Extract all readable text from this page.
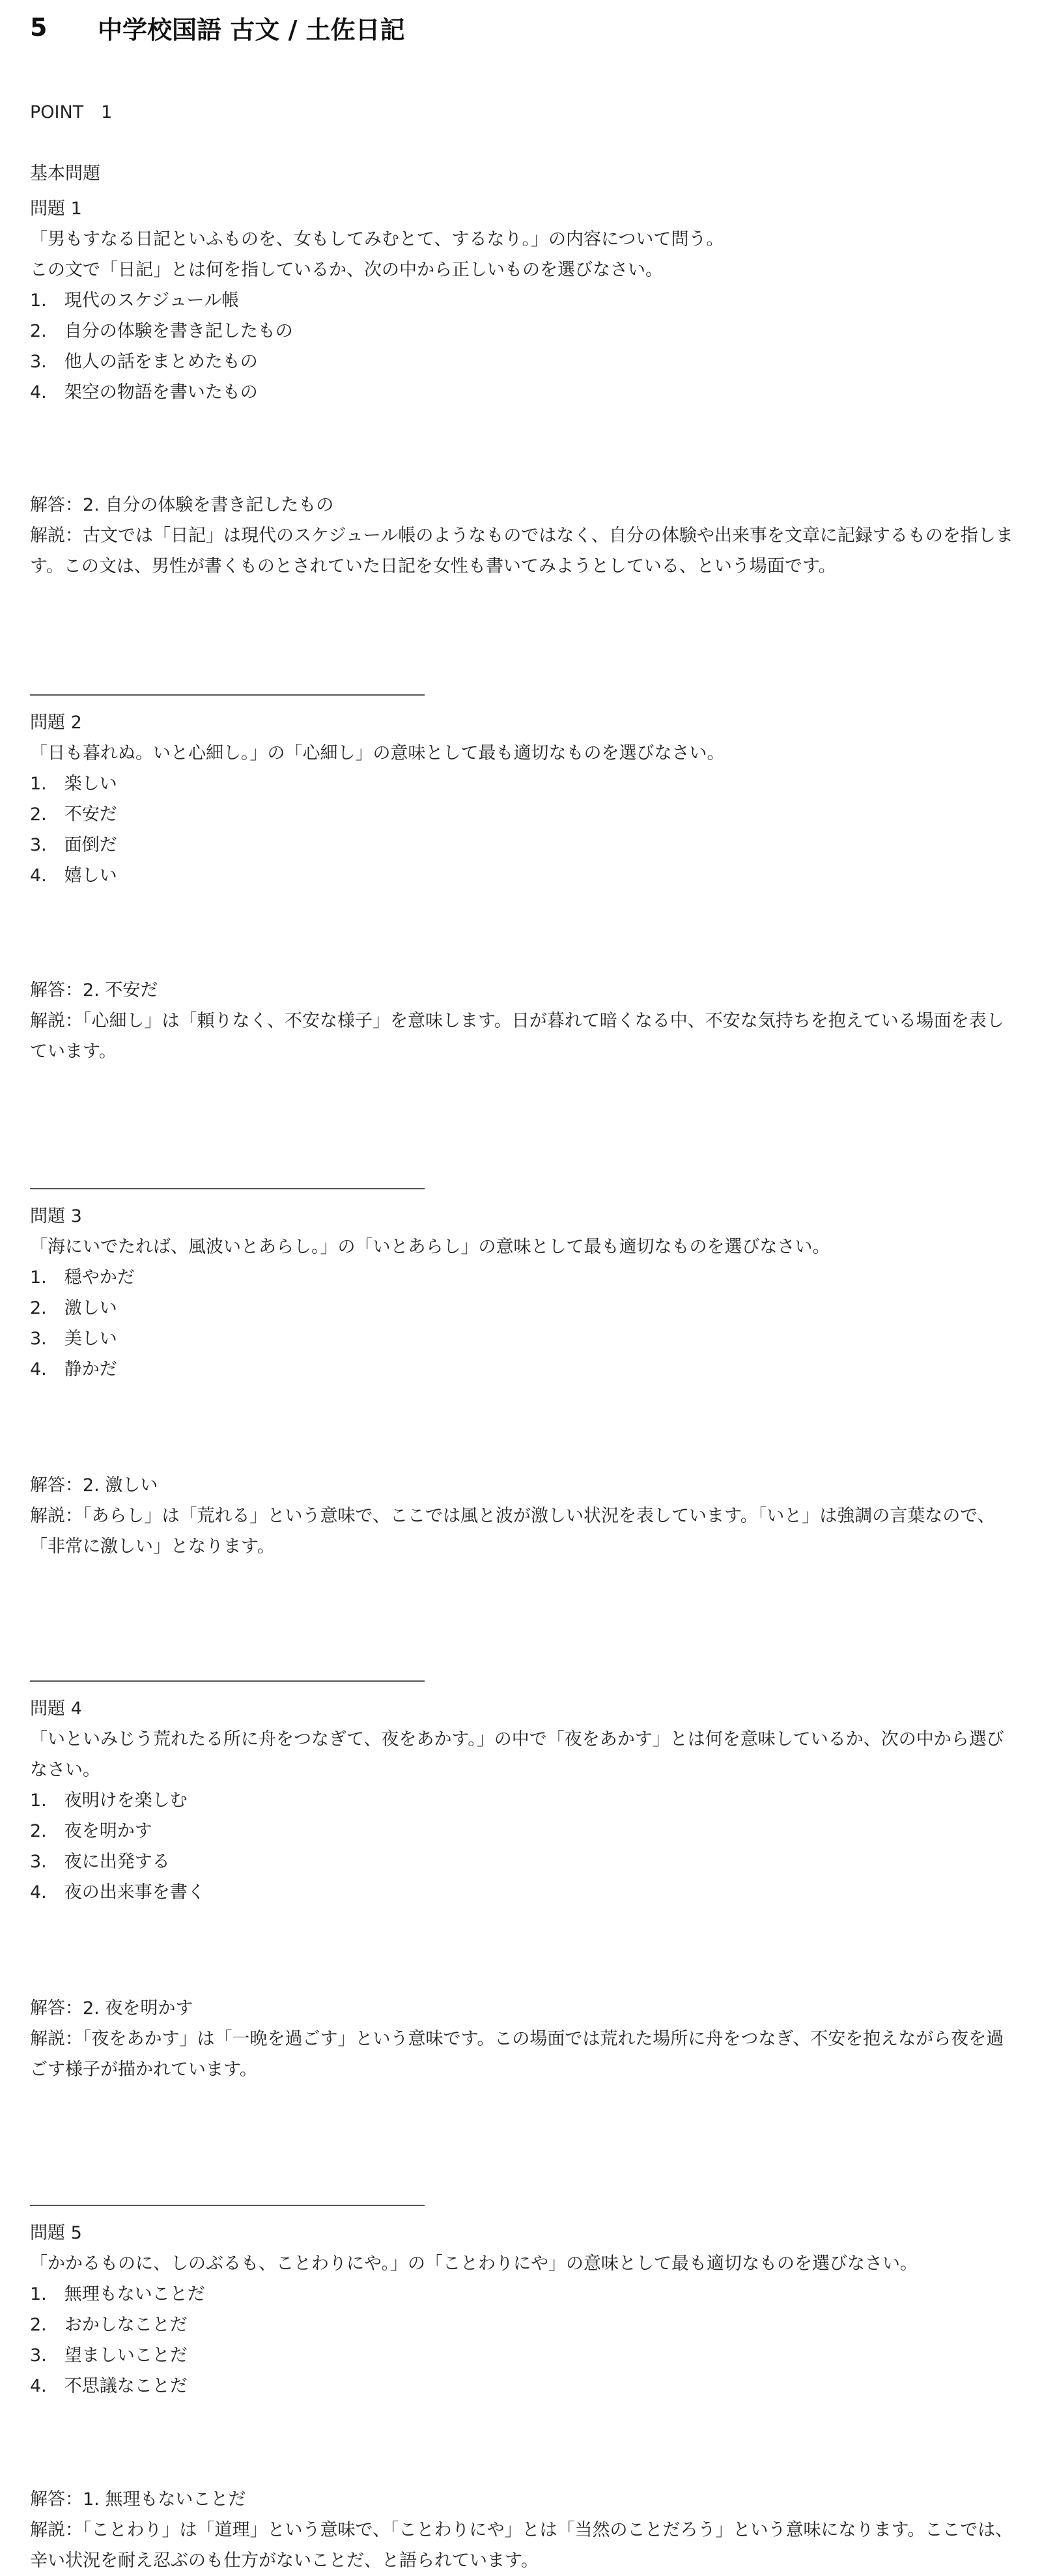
5	中学校国語 古文 / 土佐日記
POINT　1
基本問題
問題 1
「男もすなる日記といふものを、女もしてみむとて、するなり。」の内容について問う。
この文で「日記」とは何を指しているか、次の中から正しいものを選びなさい。
1.　現代のスケジュール帳
2.　自分の体験を書き記したもの
3.　他人の話をまとめたもの
4.　架空の物語を書いたもの
解答：2. 自分の体験を書き記したもの
解説：古文では「日記」は現代のスケジュール帳のようなものではなく、自分の体験や出来事を文章に記録するものを指します。この文は、男性が書くものとされていた日記を女性も書いてみようとしている、という場面です。
問題 2
「日も暮れぬ。いと心細し。」の「心細し」の意味として最も適切なものを選びなさい。
1.　楽しい
2.　不安だ
3.　面倒だ
4.　嬉しい
解答：2. 不安だ
解説：「心細し」は「頼りなく、不安な様子」を意味します。日が暮れて暗くなる中、不安な気持ちを抱えている場面を表しています。
問題 3
「海にいでたれば、風波いとあらし。」の「いとあらし」の意味として最も適切なものを選びなさい。
1.　穏やかだ
2.　激しい
3.　美しい
4.　静かだ
解答：2. 激しい
解説：「あらし」は「荒れる」という意味で、ここでは風と波が激しい状況を表しています。「いと」は強調の言葉なので、「非常に激しい」となります。
問題 4
「いといみじう荒れたる所に舟をつなぎて、夜をあかす。」の中で「夜をあかす」とは何を意味しているか、次の中から選びなさい。
1.　夜明けを楽しむ
2.　夜を明かす
3.　夜に出発する
4.　夜の出来事を書く
解答：2. 夜を明かす
解説：「夜をあかす」は「一晩を過ごす」という意味です。この場面では荒れた場所に舟をつなぎ、不安を抱えながら夜を過ごす様子が描かれています。
問題 5
「かかるものに、しのぶるも、ことわりにや。」の「ことわりにや」の意味として最も適切なものを選びなさい。
1.　無理もないことだ
2.　おかしなことだ
3.　望ましいことだ
4.　不思議なことだ
解答：1. 無理もないことだ
解説：「ことわり」は「道理」という意味で、「ことわりにや」とは「当然のことだろう」という意味になります。ここでは、辛い状況を耐え忍ぶのも仕方がないことだ、と語られています。
